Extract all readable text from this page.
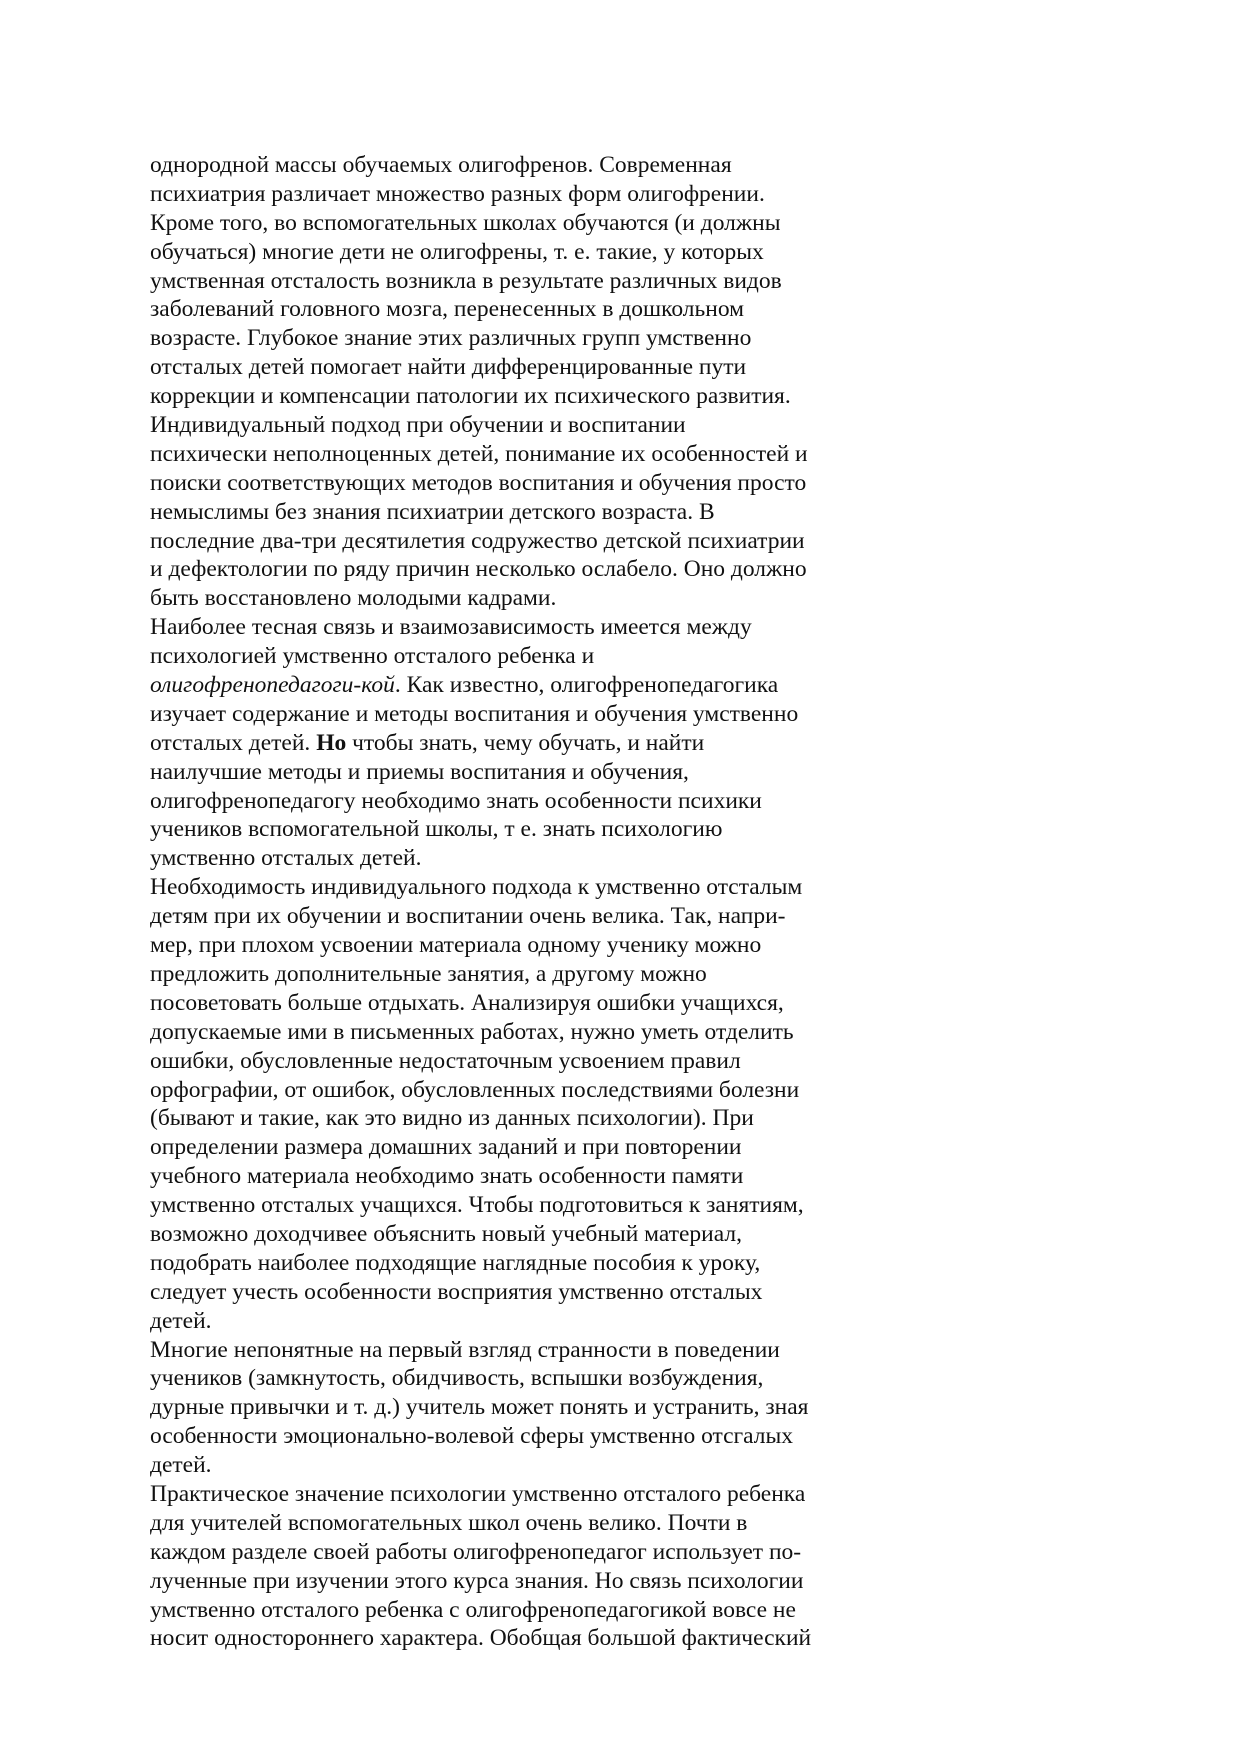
однородной массы обучаемых олигофренов. Современная
психиатрия различает множество разных форм олигофрении.
Кроме того, во вспомогательных школах обучаются (и должны
обучаться) многие дети не олигофрены, т. е. такие, у которых
умственная отсталость возникла в результате различных видов
заболеваний головного мозга, перенесенных в дошкольном
возрасте. Глубокое знание этих различных групп умственно
отсталых детей помогает найти дифференцированные пути
коррекции и компенсации патологии их психического развития.
Индивидуальный подход при обучении и воспитании
психически неполноценных детей, понимание их особенностей и
поиски соответствующих методов воспитания и обучения просто
немыслимы без знания психиатрии детского возраста. В
последние два-три десятилетия содружество детской психиатрии
и дефектологии по ряду причин несколько ослабело. Оно должно
быть восстановлено молодыми кадрами.
Наиболее тесная связь и взаимозависимость имеется между
психологией умственно отсталого ребенка и
олигофренопедагоги-кой. Как известно, олигофренопедагогика
изучает содержание и методы воспитания и обучения умственно
отсталых детей. Но чтобы знать, чему обучать, и найти
наилучшие методы и приемы воспитания и обучения,
олигофренопедагогу необходимо знать особенности психики
учеников вспомогательной школы, т е. знать психологию
умственно отсталых детей.
Необходимость индивидуального подхода к умственно отсталым
детям при их обучении и воспитании очень велика. Так, напри-
мер, при плохом усвоении материала одному ученику можно
предложить дополнительные занятия, а другому можно
посоветовать больше отдыхать. Анализируя ошибки учащихся,
допускаемые ими в письменных работах, нужно уметь отделить
ошибки, обусловленные недостаточным усвоением правил
орфографии, от ошибок, обусловленных последствиями болезни
(бывают и такие, как это видно из данных психологии). При
определении размера домашних заданий и при повторении
учебного материала необходимо знать особенности памяти
умственно отсталых учащихся. Чтобы подготовиться к занятиям,
возможно доходчивее объяснить новый учебный материал,
подобрать наиболее подходящие наглядные пособия к уроку,
следует учесть особенности восприятия умственно отсталых
детей.
Многие непонятные на первый взгляд странности в поведении
учеников (замкнутость, обидчивость, вспышки возбуждения,
дурные привычки и т. д.) учитель может понять и устранить, зная
особенности эмоционально-волевой сферы умственно отсгалых
детей.
Практическое значение психологии умственно отсталого ребенка
для учителей вспомогательных школ очень велико. Почти в
каждом разделе своей работы олигофренопедагог использует по-
лученные при изучении этого курса знания. Но связь психологии
умственно отсталого ребенка с олигофренопедагогикой вовсе не
носит одностороннего характера. Обобщая большой фактический
